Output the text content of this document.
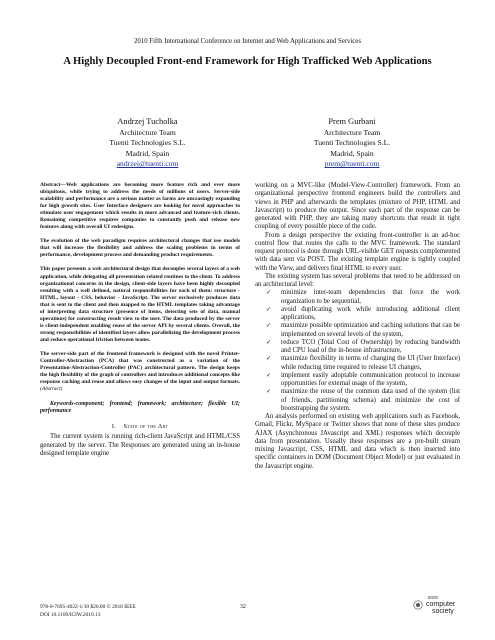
2010 Fifth International Conference on Internet and Web Applications and Services
A Highly Decoupled Front-end Framework for High Trafficked Web Applications
Andrzej Tucholka
Architecture Team
Tuenti Technologies S.L.
Madrid, Spain
andrzej@tuenti.com
Prem Gurbani
Architecture Team
Tuenti Technologies S.L.
Madrid, Spain
prem@tuenti.com

Abstract—Web applications are becoming more feature rich and ever more ubiquitous, while trying to address the needs of millions of users. Server-side scalability and performance are a serious matter as farms are unceasingly expanding for high growth sites. User Interface designers are looking for novel approaches to stimulate user engagement which results in more advanced and feature-rich clients. Remaining competitive requires companies to constantly push and release new features along with overall UI redesigns.

The evolution of the web paradigm requires architectural changes that use models that will increase the flexibility and address the scaling problems in terms of performance, development process and demanding product requirements.

This paper presents a web architectural design that decouples several layers of a web application, while delegating all presentation related routines to the client. To address organizational concerns in the design, client-side layers have been highly decoupled resulting with a well defined, natural responsibilities for each of them: structure - HTML, layout - CSS, behavior - JavaScript. The server exclusively produces data that is sent to the client and then mapped to the HTML templates taking advantage of interpreting data structure (presence of items, detecting sets of data, manual operations) for constructing result view to the user. The data produced by the server is client-independent enabling reuse of the server API by several clients. Overall, the strong responsibilities of identified layers allow parallelizing the development process and reduce operational friction between teams.

The server-side part of the frontend framework is designed with the novel Printer-Controller-Abstraction (PCA) that was constructed as a variation of the Presentation-Abstraction-Controller (PAC) architectural pattern. The design keeps the high flexibility of the graph of controllers and introduces additional concepts like response caching and reuse and allows easy changes of the input and output formats. (Abstract)

Keywords-component; frontend; framework; architecture; flexible UI; performance

I. State of the Art

The current system is running rich-client JavaScript and HTML/CSS generated by the server. The Responses are generated using an in-house designed template engine

working on a MVC-like (Model-View-Controller) framework. From an organizational perspective frontend engineers build the controllers and views in PHP and afterwards the templates (mixture of PHP, HTML and Javascript) to produce the output. Since each part of the response can be generated with PHP, they are taking many shortcuts that result in tight coupling of every possible piece of the code.

From a design perspective the existing front-controller is an ad-hoc control flow that routes the calls to the MVC framework. The standard request protocol is done through URL-visible GET requests complemented with data sent via POST. The existing template engine is tightly coupled with the View, and delivers final HTML to every user.

The existing system has several problems that need to be addressed on an architectural level:

✓ minimize inter-team dependencies that force the work organization to be sequential,
✓ avoid duplicating work while introducing additional client applications,
✓ maximize possible optimization and caching solutions that can be implemented on several levels of the system,
✓ reduce TCO (Total Cost of Ownership) by reducing bandwidth and CPU load of the in-house infrastructure,
✓ maximize flexibility in terms of changing the UI (User Interface) while reducing time required to release UI changes,
✓ implement easily adoptable communication protocol to increase opportunities for external usage of the system,
✓ maximize the reuse of the common data used of the system (list of friends, partitioning schema) and minimize the cost of bootstrapping the system.

An analysis performed on existing web applications such as Facebook, Gmail, Flickr, MySpace or Twitter shows that none of these sites produce AJAX (Asynchronous JAvascript and XML) responses which decouple data from presentation. Usually these responses are a pre-built stream mixing Javascript, CSS, HTML and data which is then inserted into specific containers in DOM (Document Object Model) or just evaluated in the Javascript engine.

978-0-7695-4022-1/10 $26.00 © 2010 IEEE
DOI 10.1109/ICIW.2010.13
32
IEEE
computer
society
